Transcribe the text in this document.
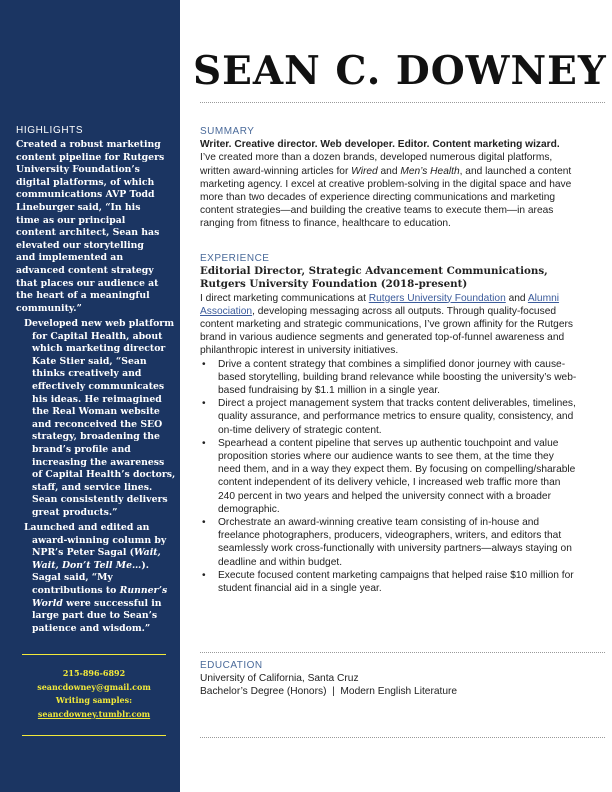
HIGHLIGHTS
Created a robust marketing content pipeline for Rutgers University Foundation’s digital platforms, of which communications AVP Todd Lineburger said, “In his time as our principal content architect, Sean has elevated our storytelling and implemented an advanced content strategy that places our audience at the heart of a meaningful community.”
Developed new web platform for Capital Health, about which marketing director Kate Stier said, “Sean thinks creatively and effectively communicates his ideas. He reimagined the Real Woman website and reconceived the SEO strategy, broadening the brand’s profile and increasing the awareness of Capital Health’s doctors, staff, and service lines. Sean consistently delivers great products.”
Launched and edited an award-winning column by NPR’s Peter Sagal (Wait, Wait, Don’t Tell Me…). Sagal said, “My contributions to Runner’s World were successful in large part due to Sean’s patience and wisdom.”
215-896-6892
seancdowney@gmail.com
Writing samples:
seancdowney.tumblr.com
SEAN C. DOWNEY
SUMMARY
Writer. Creative director. Web developer. Editor. Content marketing wizard.
I’ve created more than a dozen brands, developed numerous digital platforms, written award-winning articles for Wired and Men’s Health, and launched a content marketing agency. I excel at creative problem-solving in the digital space and have more than two decades of experience directing communications and marketing content strategies—and building the creative teams to execute them—in areas ranging from fitness to finance, healthcare to education.
EXPERIENCE
Editorial Director, Strategic Advancement Communications, Rutgers University Foundation (2018-present)
I direct marketing communications at Rutgers University Foundation and Alumni Association, developing messaging across all outputs. Through quality-focused content marketing and strategic communications, I’ve grown affinity for the Rutgers brand in various audience segments and generated top-of-funnel awareness and philanthropic interest in university initiatives.
• Drive a content strategy that combines a simplified donor journey with cause-based storytelling, building brand relevance while boosting the university’s web-based fundraising by $1.1 million in a single year.
• Direct a project management system that tracks content deliverables, timelines, quality assurance, and performance metrics to ensure quality, consistency, and on-time delivery of strategic content.
• Spearhead a content pipeline that serves up authentic touchpoint and value proposition stories where our audience wants to see them, at the time they need them, and in a way they expect them. By focusing on compelling/sharable content independent of its delivery vehicle, I increased web traffic more than 240 percent in two years and helped the university connect with a broader demographic.
• Orchestrate an award-winning creative team consisting of in-house and freelance photographers, producers, videographers, writers, and editors that seamlessly work cross-functionally with university partners—always staying on deadline and within budget.
• Execute focused content marketing campaigns that helped raise $10 million for student financial aid in a single year.
EDUCATION
University of California, Santa Cruz
Bachelor’s Degree (Honors)  |  Modern English Literature
